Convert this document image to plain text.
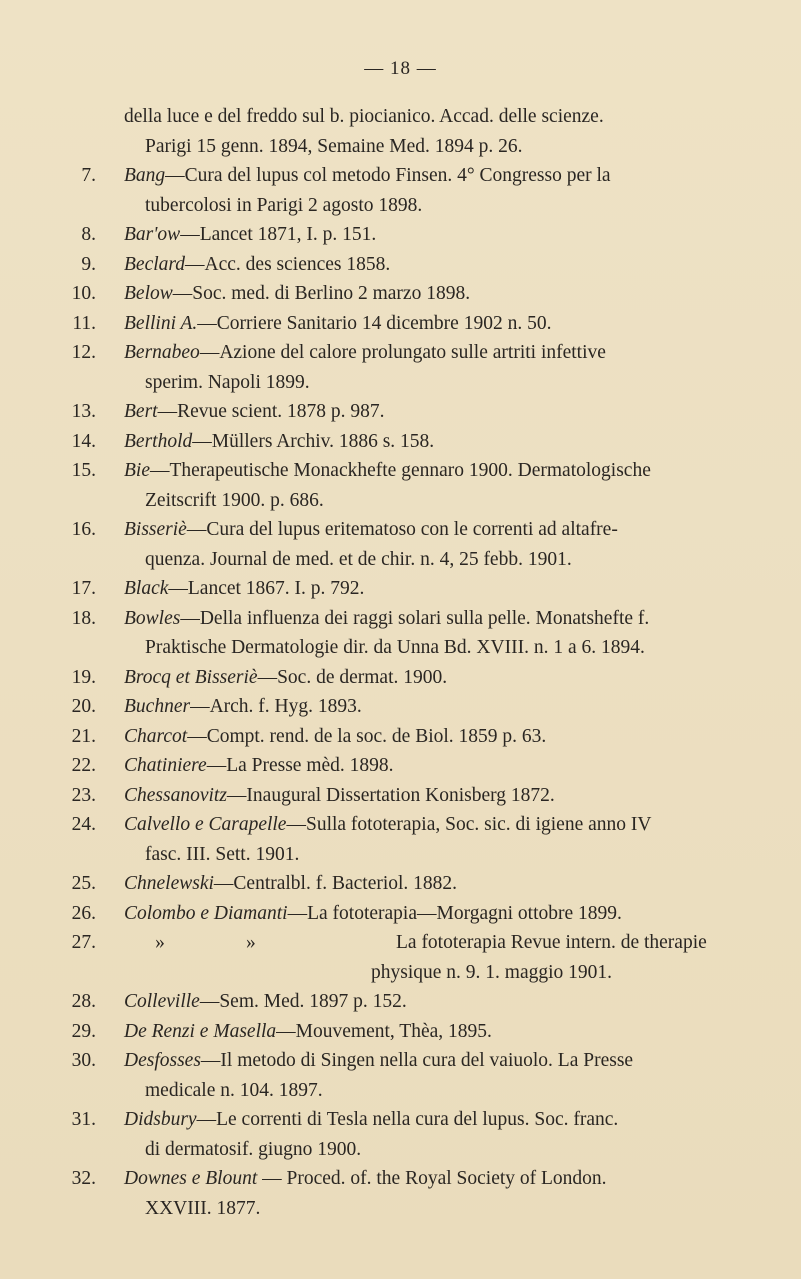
— 18 —
della luce e del freddo sul b. piocianico. Accad. delle scienze.
Parigi 15 genn. 1894, Semaine Med. 1894 p. 26.
7. Bang—Cura del lupus col metodo Finsen. 4° Congresso per la
tubercolosi in Parigi 2 agosto 1898.
8. Bar'ow—Lancet 1871, I. p. 151.
9. Beclard—Acc. des sciences 1858.
10. Below—Soc. med. di Berlino 2 marzo 1898.
11. Bellini A.—Corriere Sanitario 14 dicembre 1902 n. 50.
12. Bernabeo—Azione del calore prolungato sulle artriti infettive
sperim. Napoli 1899.
13. Bert—Revue scient. 1878 p. 987.
14. Berthold—Müllers Archiv. 1886 s. 158.
15. Bie—Therapeutische Monackhefte gennaro 1900. Dermatologische
Zeitscrift 1900. p. 686.
16. Bisseriè—Cura del lupus eritematoso con le correnti ad altafre-
quenza. Journal de med. et de chir. n. 4, 25 febb. 1901.
17. Black—Lancet 1867. I. p. 792.
18. Bowles—Della influenza dei raggi solari sulla pelle. Monatshefte f.
Praktische Dermatologie dir. da Unna Bd. XVIII. n. 1 a 6. 1894.
19. Brocq et Bisseriè—Soc. de dermat. 1900.
20. Buchner—Arch. f. Hyg. 1893.
21. Charcot—Compt. rend. de la soc. de Biol. 1859 p. 63.
22. Chatiniere—La Presse mèd. 1898.
23. Chessanovitz—Inaugural Dissertation Konisberg 1872.
24. Calvello e Carapelle—Sulla fototerapia, Soc. sic. di igiene anno IV
fasc. III. Sett. 1901.
25. Chnelewski—Centralbl. f. Bacteriol. 1882.
26. Colombo e Diamanti—La fototerapia—Morgagni ottobre 1899.
27.	»	»	La fototerapia Revue intern. de therapie
physique n. 9. 1. maggio 1901.
28. Colleville—Sem. Med. 1897 p. 152.
29. De Renzi e Masella—Mouvement, Thèa, 1895.
30. Desfosses—Il metodo di Singen nella cura del vaiuolo. La Presse
medicale n. 104. 1897.
31. Didsbury—Le correnti di Tesla nella cura del lupus. Soc. franc.
di dermatosif. giugno 1900.
32. Downes e Blount — Proced. of. the Royal Society of London.
XXVIII. 1877.
